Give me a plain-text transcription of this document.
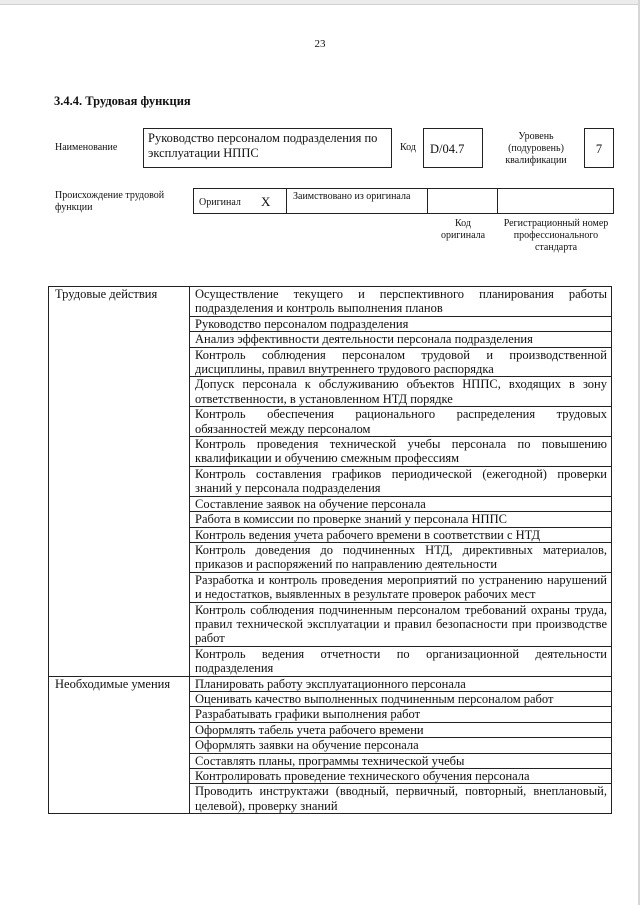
23
3.4.4. Трудовая функция
Наименование
Руководство персоналом подразделения по эксплуатации НППС	Код	D/04.7
Уровень (подуровень) квалификации
7
Происхождение трудовой функции	Оригинал X	Заимствовано из оригинала
Код оригинала
Регистрационный номер профессионального стандарта
Трудовые действия	Осуществление текущего и перспективного планирования работы подразделения и контроль выполнения планов
	Руководство персоналом подразделения
	Анализ эффективности деятельности персонала подразделения
	Контроль соблюдения персоналом трудовой и производственной дисциплины, правил внутреннего трудового распорядка
	Допуск персонала к обслуживанию объектов НППС, входящих в зону ответственности, в установленном НТД порядке
	Контроль обеспечения рационального распределения трудовых обязанностей между персоналом
	Контроль проведения технической учебы персонала по повышению квалификации и обучению смежным профессиям
	Контроль составления графиков периодической (ежегодной) проверки знаний у персонала подразделения
	Составление заявок на обучение персонала
	Работа в комиссии по проверке знаний у персонала НППС
	Контроль ведения учета рабочего времени в соответствии с НТД
	Контроль доведения до подчиненных НТД, директивных материалов, приказов и распоряжений по направлению деятельности
	Разработка и контроль проведения мероприятий по устранению нарушений и недостатков, выявленных в результате проверок рабочих мест
	Контроль соблюдения подчиненным персоналом требований охраны труда, правил технической эксплуатации и правил безопасности при производстве работ
	Контроль ведения отчетности по организационной деятельности подразделения
Необходимые умения	Планировать работу эксплуатационного персонала
	Оценивать качество выполненных подчиненным персоналом работ
	Разрабатывать графики выполнения работ
	Оформлять табель учета рабочего времени
	Оформлять заявки на обучение персонала
	Составлять планы, программы технической учебы
	Контролировать проведение технического обучения персонала
	Проводить инструктажи (вводный, первичный, повторный, внеплановый, целевой), проверку знаний
